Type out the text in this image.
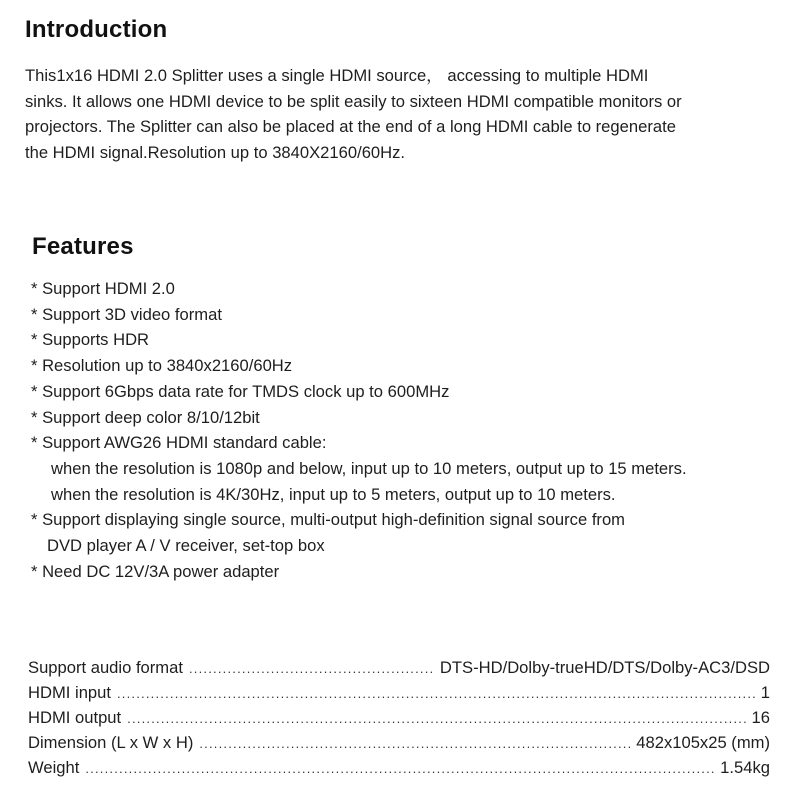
Introduction
This1x16 HDMI 2.0 Splitter uses a single HDMI source， accessing to multiple HDMI
sinks. It allows one HDMI device to be split easily to sixteen HDMI compatible monitors or
projectors. The Splitter can also be placed at the end of a long HDMI cable to regenerate
the HDMI signal.Resolution up to 3840X2160/60Hz.
Features
* Support HDMI 2.0
* Support 3D video format
* Supports HDR
* Resolution up to 3840x2160/60Hz
* Support 6Gbps data rate for TMDS clock up to 600MHz
* Support deep color 8/10/12bit
* Support AWG26 HDMI standard cable:
when the resolution is 1080p and below, input up to 10 meters, output up to 15 meters.
when the resolution is 4K/30Hz, input up to 5 meters, output up to 10 meters.
* Support displaying single source, multi-output high-definition signal source from
DVD player A / V receiver, set-top box
* Need DC 12V/3A power adapter
Support audio format .....	DTS-HD/Dolby-trueHD/DTS/Dolby-AC3/DSD
HDMI input .....	1
HDMI output .....	16
Dimension (L x W x H) .....	482x105x25 (mm)
Weight .....	1.54kg
